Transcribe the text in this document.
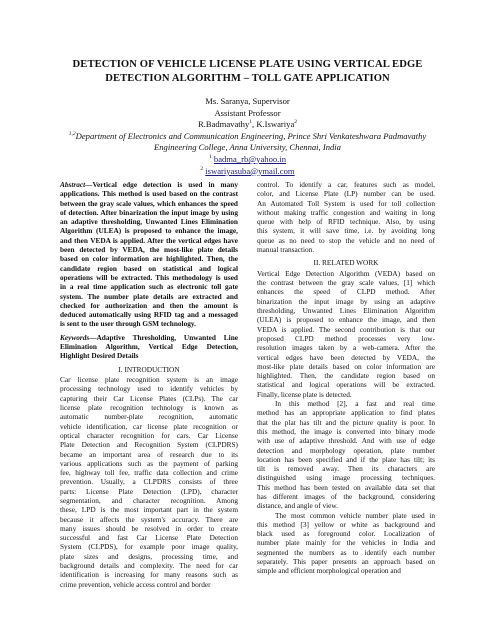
DETECTION OF VEHICLE LICENSE PLATE USING VERTICAL EDGE
DETECTION ALGORITHM – TOLL GATE APPLICATION
Ms. Saranya, Supervisor
Assistant Professor
R.Badmavathy$^1$, K.Iswariya$^2$
$^{1,2}$Department of Electronics and Communication Engineering, Prince Shri Venkateshwara Padmavathy
Engineering College, Anna University, Chennai, India
$^1$ badma_rb@yahoo.in
$^2$ iswariyasuba@ymail.com
Abstract—Vertical edge detection is used in many
applications. This method is used based on the contrast
between the gray scale values, which enhances the speed
of detection. After binarization the input image by using
an adaptive thresholding, Unwanted Lines Elimination
Algorithm (ULEA) is proposed to enhance the image,
and then VEDA is applied. After the vertical edges have
been detected by VEDA, the most-like plate details
based on color information are highlighted. Then, the
candidate region based on statistical and logical
operations will be extracted. This methodology is used
in a real time application such as electronic toll gate
system. The number plate details are extracted and
checked for authorization and then the amount is
deduced automatically using RFID tag and a messaged
is sent to the user through GSM technology.
Keywords—Adaptive Thresholding, Unwanted Line
Elimination Algorithm, Vertical Edge Detection,
Highlight Desired Details
I. INTRODUCTION
Car license plate recognition system is an image
processing technology used to identify vehicles by
capturing their Car License Plates (CLPs). The car
license plate recognition technology is known as
automatic number-plate recognition, automatic
vehicle identification, car license plate recognition or
optical character recognition for cars. Car License
Plate Detection and Recognition System (CLPDRS)
became an important area of research due to its
various applications such as the payment of parking
fee, highway toll fee, traffic data collection and crime
prevention. Usually, a CLPDRS consists of three
parts: License Plate Detection (LPD), character
segmentation, and character recognition. Among
these, LPD is the most important part in the system
because it affects the system's accuracy. There are
many issues should be resolved in order to create
successful and fast Car License Plate Detection
System (CLPDS), for example poor image quality,
plate sizes and designs, processing time, and
background details and complexity. The need for car
identification is increasing for many reasons such as
crime prevention, vehicle access control and border
control. To identify a car, features such as model,
color, and License Plate (LP) number can be used.
An Automated Toll System is used for toll collection
without making traffic congestion and waiting in long
queue with help of RFID technique. Also, by using
this system, it will save time, i.e. by avoiding long
queue as no need to stop the vehicle and no need of
manual transaction.
II. RELATED WORK
Vertical Edge Detection Algorithm (VEDA) based on
the contrast between the gray scale values, [1] which
enhances the speed of CLPD method. After
binarization the input image by using an adaptive
thresholding, Unwanted Lines Elimination Algorithm
(ULEA) is proposed to enhance the image, and then
VEDA is applied. The second contribution is that our
proposed CLPD method processes very low-
resolution images taken by a web-camera. After the
vertical edges have been detected by VEDA, the
most-like plate details based on color information are
highlighted. Then, the candidate region based on
statistical and logical operations will be extracted.
Finally, license plate is detected.
In this method [2], a fast and real time
method has an appropriate application to find plates
that the plat has tilt and the picture quality is poor. In
this method, the image is converted into binary mode
with use of adaptive threshold. And with use of edge
detection and morphology operation, plate number
location has been specified and if the plate has tilt; its
tilt is removed away. Then its characters are
distinguished using image processing techniques.
This method has been tested on available data set that
has different images of the background, considering
distance, and angle of view.
The most common vehicle number plate used in
this method [3] yellow or white as background and
black used as foreground color. Localization of
number plate mainly for the vehicles in India and
segmented the numbers as to identify each number
separately. This paper presents an approach based on
simple and efficient morphological operation and
